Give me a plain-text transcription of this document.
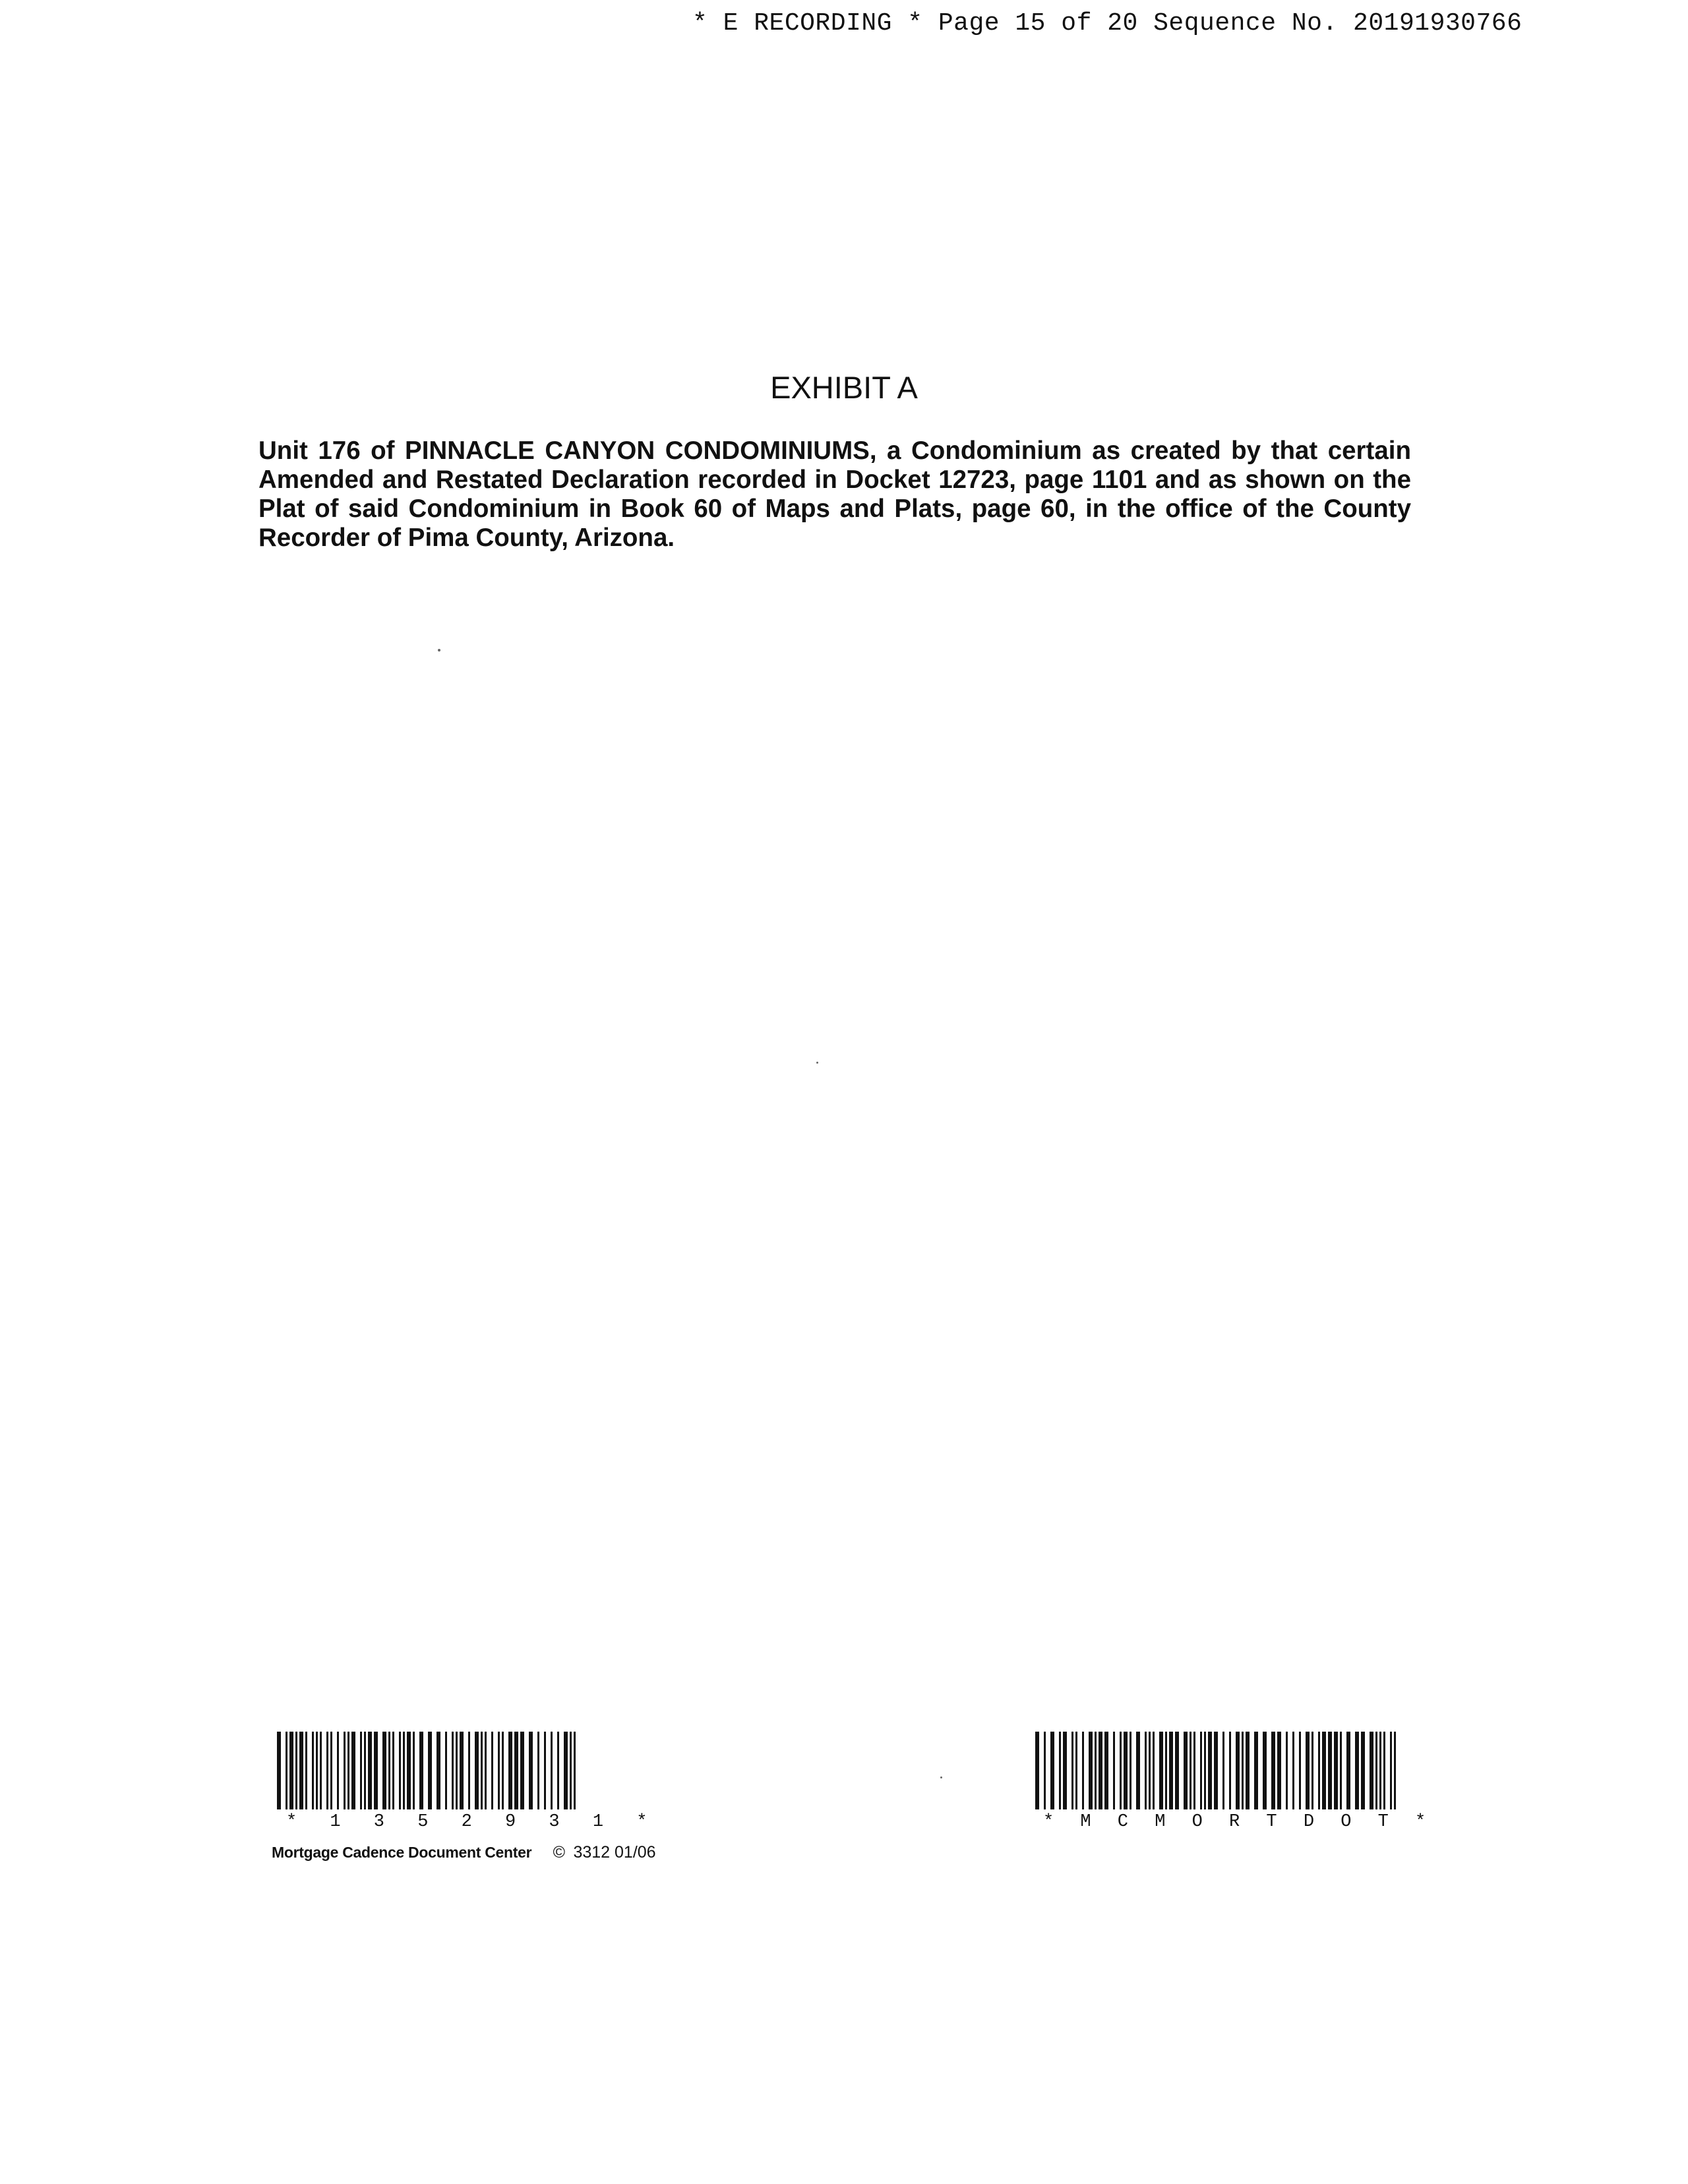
* E RECORDING * Page 15 of 20 Sequence No. 20191930766
EXHIBIT A

Unit 176 of PINNACLE CANYON CONDOMINIUMS, a Condominium as created by that certain Amended and Restated Declaration recorded in Docket 12723, page 1101 and as shown on the Plat of said Condominium in Book 60 of Maps and Plats, page 60, in the office of the County Recorder of Pima County, Arizona.

* 1 3 5 2 9 3 1 *	* M C M O R T D O T *
Mortgage Cadence Document Center © 3312 01/06
